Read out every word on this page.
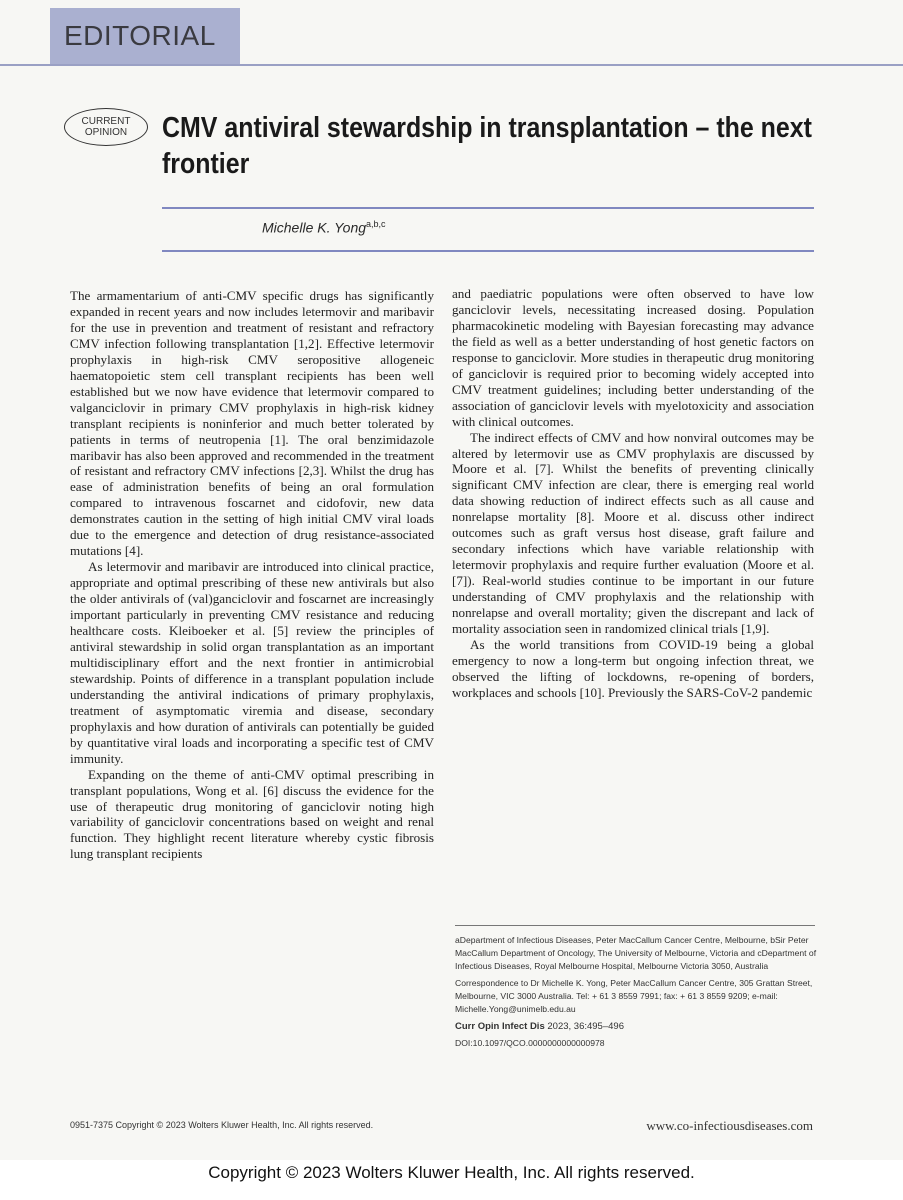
EDITORIAL
CURRENT
OPINION	CMV antiviral stewardship in transplantation – the next frontier
Michelle K. Yong$^{a,b,c}$

The armamentarium of anti-CMV specific drugs has significantly expanded in recent years and now includes letermovir and maribavir for the use in prevention and treatment of resistant and refractory CMV infection following transplantation [1,2]. Effective letermovir prophylaxis in high-risk CMV seropositive allogeneic haematopoietic stem cell transplant recipients has been well established but we now have evidence that letermovir compared to valganciclovir in primary CMV prophylaxis in high-risk kidney transplant recipients is noninferior and much better tolerated by patients in terms of neutropenia [1]. The oral benzimidazole maribavir has also been approved and recommended in the treatment of resistant and refractory CMV infections [2,3]. Whilst the drug has ease of administration benefits of being an oral formulation compared to intravenous foscarnet and cidofovir, new data demonstrates caution in the setting of high initial CMV viral loads due to the emergence and detection of drug resistance-associated mutations [4].

As letermovir and maribavir are introduced into clinical practice, appropriate and optimal prescribing of these new antivirals but also the older antivirals of (val)ganciclovir and foscarnet are increasingly important particularly in preventing CMV resistance and reducing healthcare costs. Kleiboeker et al. [5] review the principles of antiviral stewardship in solid organ transplantation as an important multidisciplinary effort and the next frontier in antimicrobial stewardship. Points of difference in a transplant population include understanding the antiviral indications of primary prophylaxis, treatment of asymptomatic viremia and disease, secondary prophylaxis and how duration of antivirals can potentially be guided by quantitative viral loads and incorporating a specific test of CMV immunity.

Expanding on the theme of anti-CMV optimal prescribing in transplant populations, Wong et al. [6] discuss the evidence for the use of therapeutic drug monitoring of ganciclovir noting high variability of ganciclovir concentrations based on weight and renal function. They highlight recent literature whereby cystic fibrosis lung transplant recipients

and paediatric populations were often observed to have low ganciclovir levels, necessitating increased dosing. Population pharmacokinetic modeling with Bayesian forecasting may advance the field as well as a better understanding of host genetic factors on response to ganciclovir. More studies in therapeutic drug monitoring of ganciclovir is required prior to becoming widely accepted into CMV treatment guidelines; including better understanding of the association of ganciclovir levels with myelotoxicity and association with clinical outcomes.

The indirect effects of CMV and how nonviral outcomes may be altered by letermovir use as CMV prophylaxis are discussed by Moore et al. [7]. Whilst the benefits of preventing clinically significant CMV infection are clear, there is emerging real world data showing reduction of indirect effects such as all cause and nonrelapse mortality [8]. Moore et al. discuss other indirect outcomes such as graft versus host disease, graft failure and secondary infections which have variable relationship with letermovir prophylaxis and require further evaluation (Moore et al. [7]). Real-world studies continue to be important in our future understanding of CMV prophylaxis and the relationship with nonrelapse and overall mortality; given the discrepant and lack of mortality association seen in randomized clinical trials [1,9].

As the world transitions from COVID-19 being a global emergency to now a long-term but ongoing infection threat, we observed the lifting of lockdowns, re-opening of borders, workplaces and schools [10]. Previously the SARS-CoV-2 pandemic

aDepartment of Infectious Diseases, Peter MacCallum Cancer Centre, Melbourne, bSir Peter MacCallum Department of Oncology, The University of Melbourne, Victoria and cDepartment of Infectious Diseases, Royal Melbourne Hospital, Melbourne Victoria 3050, Australia

Correspondence to Dr Michelle K. Yong, Peter MacCallum Cancer Centre, 305 Grattan Street, Melbourne, VIC 3000 Australia. Tel: + 61 3 8559 7991; fax: + 61 3 8559 9209; e-mail: Michelle.Yong@unimelb.edu.au

Curr Opin Infect Dis 2023, 36:495–496

DOI:10.1097/QCO.0000000000000978

0951-7375 Copyright © 2023 Wolters Kluwer Health, Inc. All rights reserved.	www.co-infectiousdiseases.com
Copyright © 2023 Wolters Kluwer Health, Inc. All rights reserved.
